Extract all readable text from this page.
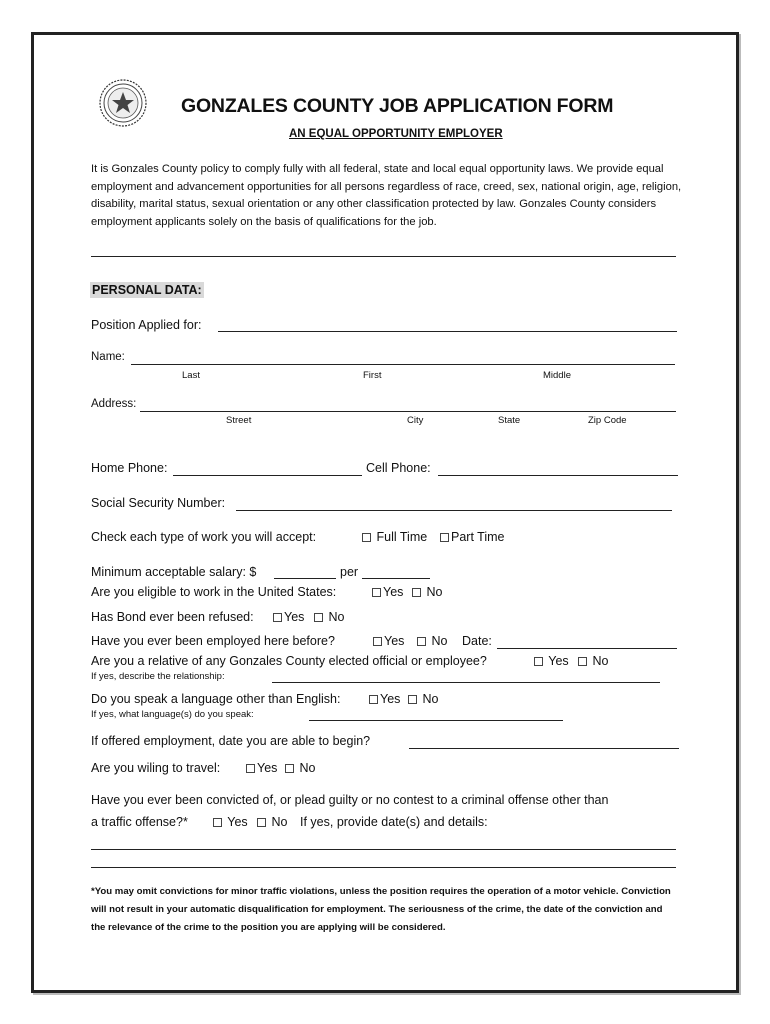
GONZALES COUNTY JOB APPLICATION FORM
AN EQUAL OPPORTUNITY EMPLOYER
It is Gonzales County policy to comply fully with all federal, state and local equal opportunity laws. We provide equal employment and advancement opportunities for all persons regardless of race, creed, sex, national origin, age, religion, disability, marital status, sexual orientation or any other classification protected by law. Gonzales County considers employment applicants solely on the basis of qualifications for the job.
PERSONAL DATA:
Position Applied for:
Name:
Last	First	Middle
Address:
Street	City	State	Zip Code
Home Phone:	Cell Phone:
Social Security Number:
Check each type of work you will accept:	Full Time	Part Time
Minimum acceptable salary: $	per
Are you eligible to work in the United States:	Yes	No
Has Bond ever been refused:	Yes	No
Have you ever been employed here before?	Yes	No Date:
Are you a relative of any Gonzales County elected official or employee?	Yes	No
If yes, describe the relationship:
Do you speak a language other than English:	Yes	No
If yes, what language(s) do you speak:
If offered employment, date you are able to begin?
Are you wiling to travel:	Yes	No
Have you ever been convicted of, or plead guilty or no contest to a criminal offense other than
a traffic offense?*	Yes	No If yes, provide date(s) and details:
*You may omit convictions for minor traffic violations, unless the position requires the operation of a motor vehicle. Conviction will not result in your automatic disqualification for employment. The seriousness of the crime, the date of the conviction and the relevance of the crime to the position you are applying will be considered.
